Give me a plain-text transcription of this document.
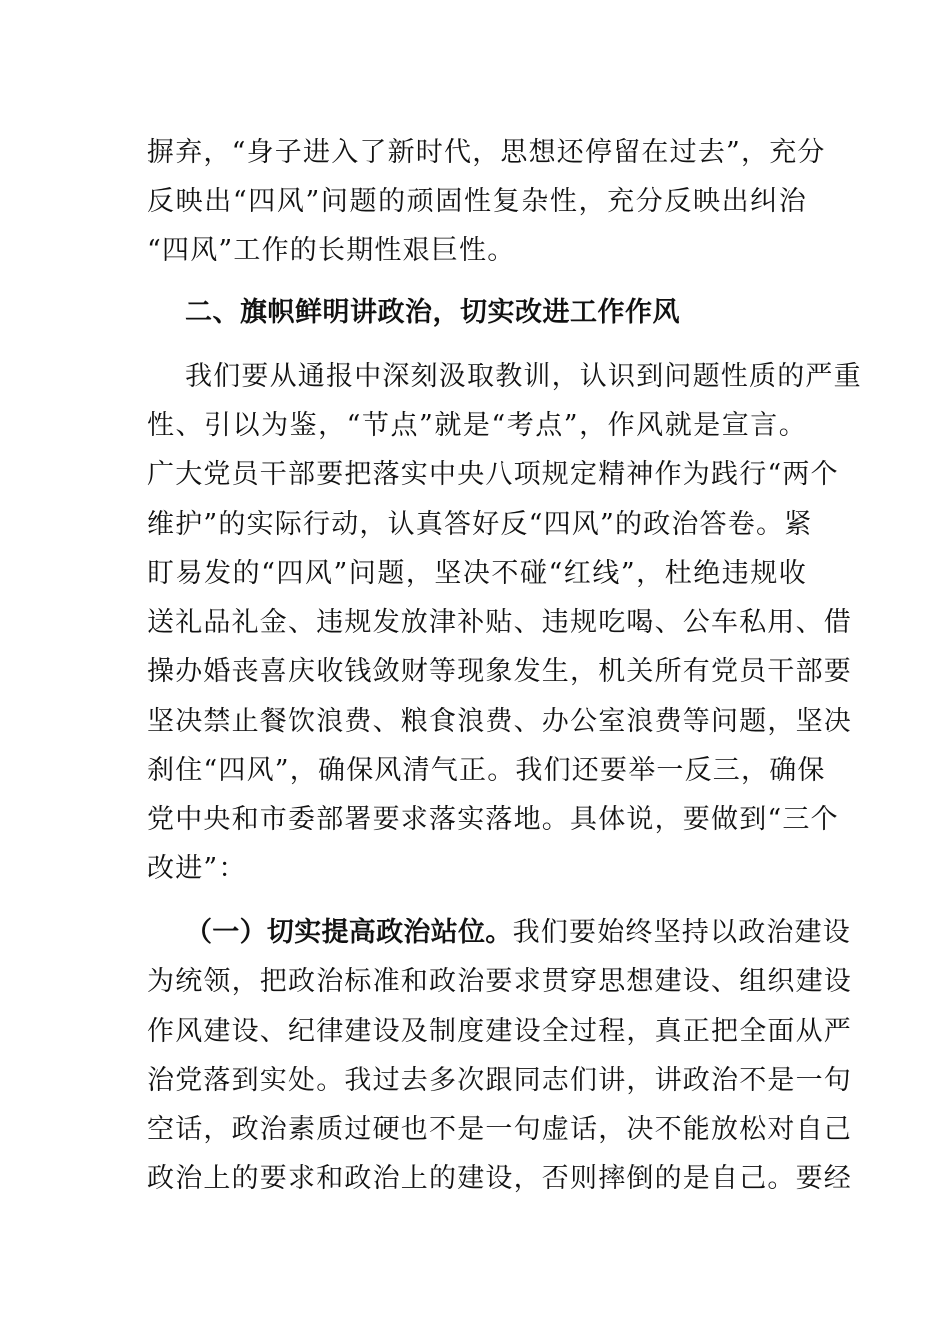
摒弃，“身子进入了新时代，思想还停留在过去”，充分
反映出“四风”问题的顽固性复杂性，充分反映出纠治
“四风”工作的长期性艰巨性。
二、旗帜鲜明讲政治，切实改进工作作风
我们要从通报中深刻汲取教训，认识到问题性质的严重
性、引以为鉴，“节点”就是“考点”，作风就是宣言。
广大党员干部要把落实中央八项规定精神作为践行“两个
维护”的实际行动，认真答好反“四风”的政治答卷。紧
盯易发的“四风”问题，坚决不碰“红线”，杜绝违规收
送礼品礼金、违规发放津补贴、违规吃喝、公车私用、借
操办婚丧喜庆收钱敛财等现象发生，机关所有党员干部要
坚决禁止餐饮浪费、粮食浪费、办公室浪费等问题，坚决
刹住“四风”，确保风清气正。我们还要举一反三，确保
党中央和市委部署要求落实落地。具体说，要做到“三个
改进”：
（一）切实提高政治站位。 我们要始终坚持以政治建设
为统领，把政治标准和政治要求贯穿思想建设、组织建设
作风建设、纪律建设及制度建设全过程，真正把全面从严
治党落到实处。我过去多次跟同志们讲，讲政治不是一句
空话，政治素质过硬也不是一句虚话，决不能放松对自己
政治上的要求和政治上的建设，否则摔倒的是自己。要经
